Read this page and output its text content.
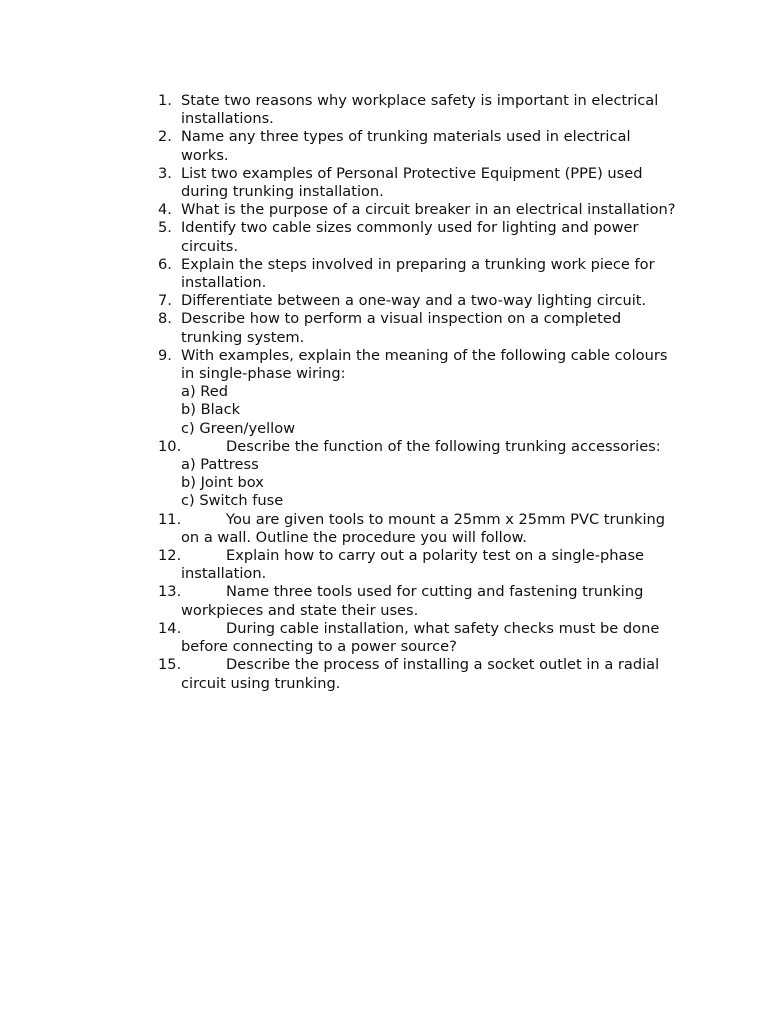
1. State two reasons why workplace safety is important in electrical installations.
2. Name any three types of trunking materials used in electrical works.
3. List two examples of Personal Protective Equipment (PPE) used during trunking installation.
4. What is the purpose of a circuit breaker in an electrical installation?
5. Identify two cable sizes commonly used for lighting and power circuits.
6. Explain the steps involved in preparing a trunking work piece for installation.
7. Differentiate between a one-way and a two-way lighting circuit.
8. Describe how to perform a visual inspection on a completed trunking system.
9. With examples, explain the meaning of the following cable colours in single-phase wiring:
a) Red
b) Black
c) Green/yellow
10.	Describe the function of the following trunking accessories:
a) Pattress
b) Joint box
c) Switch fuse
11.	You are given tools to mount a 25mm x 25mm PVC trunking on a wall. Outline the procedure you will follow.
12.	Explain how to carry out a polarity test on a single-phase installation.
13.	Name three tools used for cutting and fastening trunking workpieces and state their uses.
14.	During cable installation, what safety checks must be done before connecting to a power source?
15.	Describe the process of installing a socket outlet in a radial circuit using trunking.
